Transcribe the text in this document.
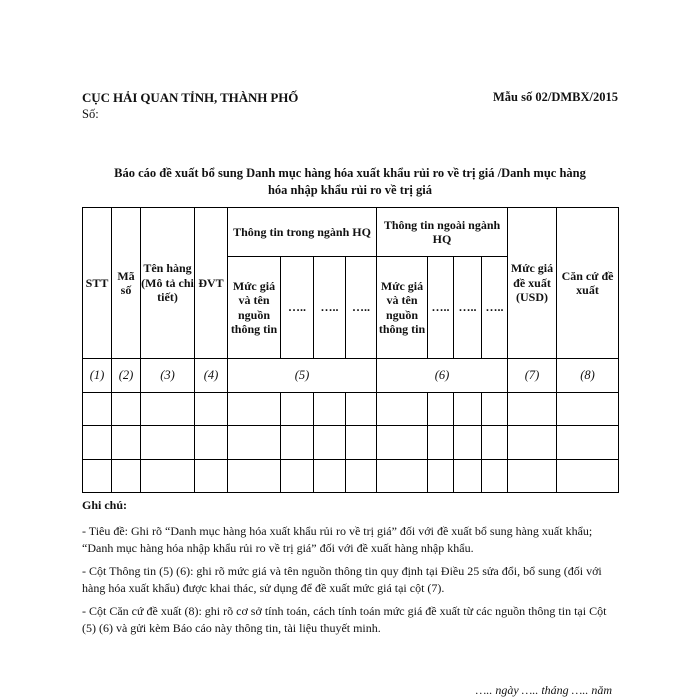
CỤC HẢI QUAN TỈNH, THÀNH PHỐ
Số:
Mẫu số 02/DMBX/2015
Báo cáo đề xuất bổ sung Danh mục hàng hóa xuất khẩu rủi ro về trị giá /Danh mục hàng
hóa nhập khẩu rủi ro về trị giá
STT	Mã số	Tên hàng (Mô tả chi tiết)	ĐVT	Thông tin trong ngành HQ				Thông tin ngoài ngành HQ				Mức giá đề xuất (USD)	Căn cứ đề xuất
				Mức giá và tên nguồn thông tin	…..	…..	…..	Mức giá và tên nguồn thông tin	…..	…..	…..		
(1)	(2)	(3)	(4)	(5)				(6)				(7)	(8)

Ghi chú:

- Tiêu đề: Ghi rõ “Danh mục hàng hóa xuất khẩu rủi ro về trị giá” đối với đề xuất bổ sung hàng xuất khẩu; “Danh mục hàng hóa nhập khẩu rủi ro về trị giá” đối với đề xuất hàng nhập khẩu.

- Cột Thông tin (5) (6): ghi rõ mức giá và tên nguồn thông tin quy định tại Điều 25 sửa đổi, bổ sung (đối với hàng hóa xuất khẩu) được khai thác, sử dụng để đề xuất mức giá tại cột (7).

- Cột Căn cứ đề xuất (8): ghi rõ cơ sở tính toán, cách tính toán mức giá đề xuất từ các nguồn thông tin tại Cột (5) (6) và gửi kèm Báo cáo này thông tin, tài liệu thuyết minh.

….. ngày ….. tháng ….. năm
